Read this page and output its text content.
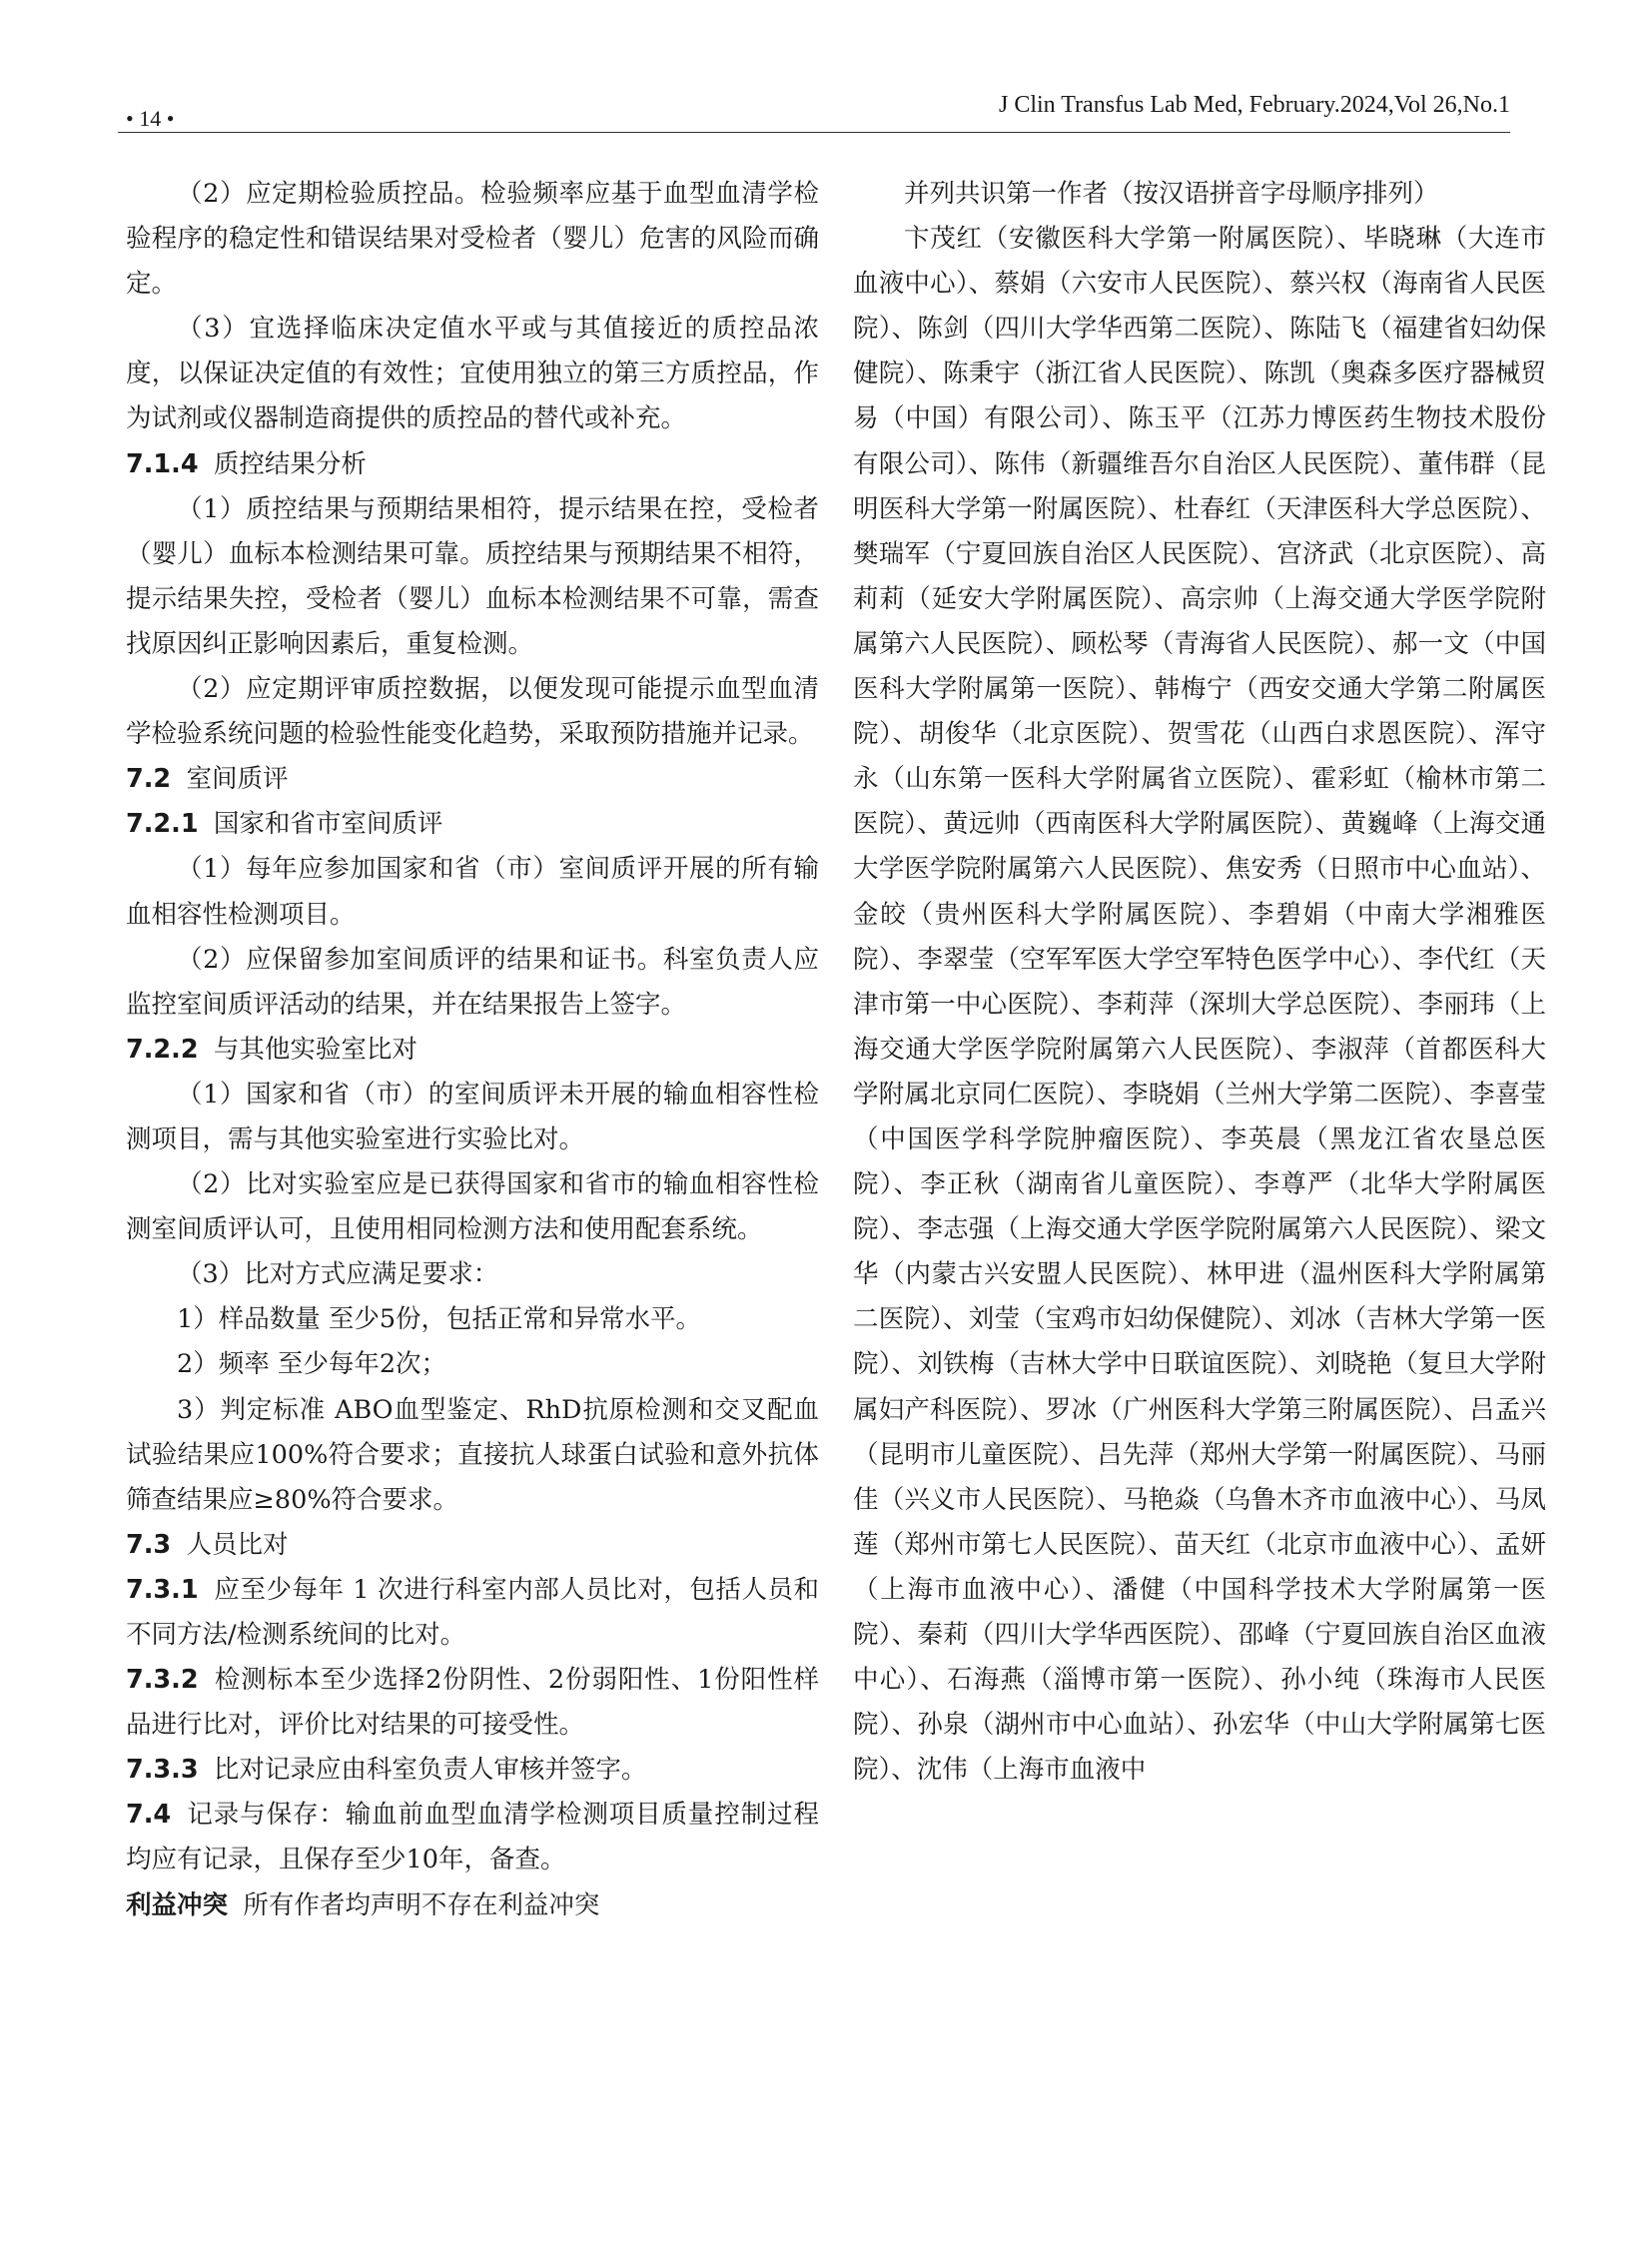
• 14 •
J Clin Transfus Lab Med, February.2024,Vol 26,No.1

（2）应定期检验质控品。检验频率应基于血型血清学检验程序的稳定性和错误结果对受检者（婴儿）危害的风险而确定。

（3）宜选择临床决定值水平或与其值接近的质控品浓度，以保证决定值的有效性；宜使用独立的第三方质控品，作为试剂或仪器制造商提供的质控品的替代或补充。

7.1.4 质控结果分析

（1）质控结果与预期结果相符，提示结果在控，受检者（婴儿）血标本检测结果可靠。质控结果与预期结果不相符，提示结果失控，受检者（婴儿）血标本检测结果不可靠，需查找原因纠正影响因素后，重复检测。

（2）应定期评审质控数据，以便发现可能提示血型血清学检验系统问题的检验性能变化趋势，采取预防措施并记录。

7.2 室间质评

7.2.1 国家和省市室间质评

（1）每年应参加国家和省（市）室间质评开展的所有输血相容性检测项目。

（2）应保留参加室间质评的结果和证书。科室负责人应监控室间质评活动的结果，并在结果报告上签字。

7.2.2 与其他实验室比对

（1）国家和省（市）的室间质评未开展的输血相容性检测项目，需与其他实验室进行实验比对。

（2）比对实验室应是已获得国家和省市的输血相容性检测室间质评认可，且使用相同检测方法和使用配套系统。

（3）比对方式应满足要求：

1）样品数量 至少5份，包括正常和异常水平。

2）频率 至少每年2次；

3）判定标准 ABO血型鉴定、RhD抗原检测和交叉配血试验结果应100%符合要求；直接抗人球蛋白试验和意外抗体筛查结果应≥80%符合要求。

7.3 人员比对

7.3.1 应至少每年 1 次进行科室内部人员比对，包括人员和不同方法/检测系统间的比对。

7.3.2 检测标本至少选择2份阴性、2份弱阳性、1份阳性样品进行比对，评价比对结果的可接受性。

7.3.3 比对记录应由科室负责人审核并签字。

7.4 记录与保存：输血前血型血清学检测项目质量控制过程均应有记录，且保存至少10年，备查。

利益冲突 所有作者均声明不存在利益冲突

并列共识第一作者（按汉语拼音字母顺序排列）

卞茂红（安徽医科大学第一附属医院）、毕晓琳（大连市血液中心）、蔡娟（六安市人民医院）、蔡兴权（海南省人民医院）、陈剑（四川大学华西第二医院）、陈陆飞（福建省妇幼保健院）、陈秉宇（浙江省人民医院）、陈凯（奥森多医疗器械贸易（中国）有限公司）、陈玉平（江苏力博医药生物技术股份有限公司）、陈伟（新疆维吾尔自治区人民医院）、董伟群（昆明医科大学第一附属医院）、杜春红（天津医科大学总医院）、樊瑞军（宁夏回族自治区人民医院）、宫济武（北京医院）、高莉莉（延安大学附属医院）、高宗帅（上海交通大学医学院附属第六人民医院）、顾松琴（青海省人民医院）、郝一文（中国医科大学附属第一医院）、韩梅宁（西安交通大学第二附属医院）、胡俊华（北京医院）、贺雪花（山西白求恩医院）、浑守永（山东第一医科大学附属省立医院）、霍彩虹（榆林市第二医院）、黄远帅（西南医科大学附属医院）、黄巍峰（上海交通大学医学院附属第六人民医院）、焦安秀（日照市中心血站）、金皎（贵州医科大学附属医院）、李碧娟（中南大学湘雅医院）、李翠莹（空军军医大学空军特色医学中心）、李代红（天津市第一中心医院）、李莉萍（深圳大学总医院）、李丽玮（上海交通大学医学院附属第六人民医院）、李淑萍（首都医科大学附属北京同仁医院）、李晓娟（兰州大学第二医院）、李喜莹（中国医学科学院肿瘤医院）、李英晨（黑龙江省农垦总医院）、李正秋（湖南省儿童医院）、李尊严（北华大学附属医院）、李志强（上海交通大学医学院附属第六人民医院）、梁文华（内蒙古兴安盟人民医院）、林甲进（温州医科大学附属第二医院）、刘莹（宝鸡市妇幼保健院）、刘冰（吉林大学第一医院）、刘铁梅（吉林大学中日联谊医院）、刘晓艳（复旦大学附属妇产科医院）、罗冰（广州医科大学第三附属医院）、吕孟兴（昆明市儿童医院）、吕先萍（郑州大学第一附属医院）、马丽佳（兴义市人民医院）、马艳焱（乌鲁木齐市血液中心）、马凤莲（郑州市第七人民医院）、苗天红（北京市血液中心）、孟妍（上海市血液中心）、潘健（中国科学技术大学附属第一医院）、秦莉（四川大学华西医院）、邵峰（宁夏回族自治区血液中心）、石海燕（淄博市第一医院）、孙小纯（珠海市人民医院）、孙泉（湖州市中心血站）、孙宏华（中山大学附属第七医院）、沈伟（上海市血液中
